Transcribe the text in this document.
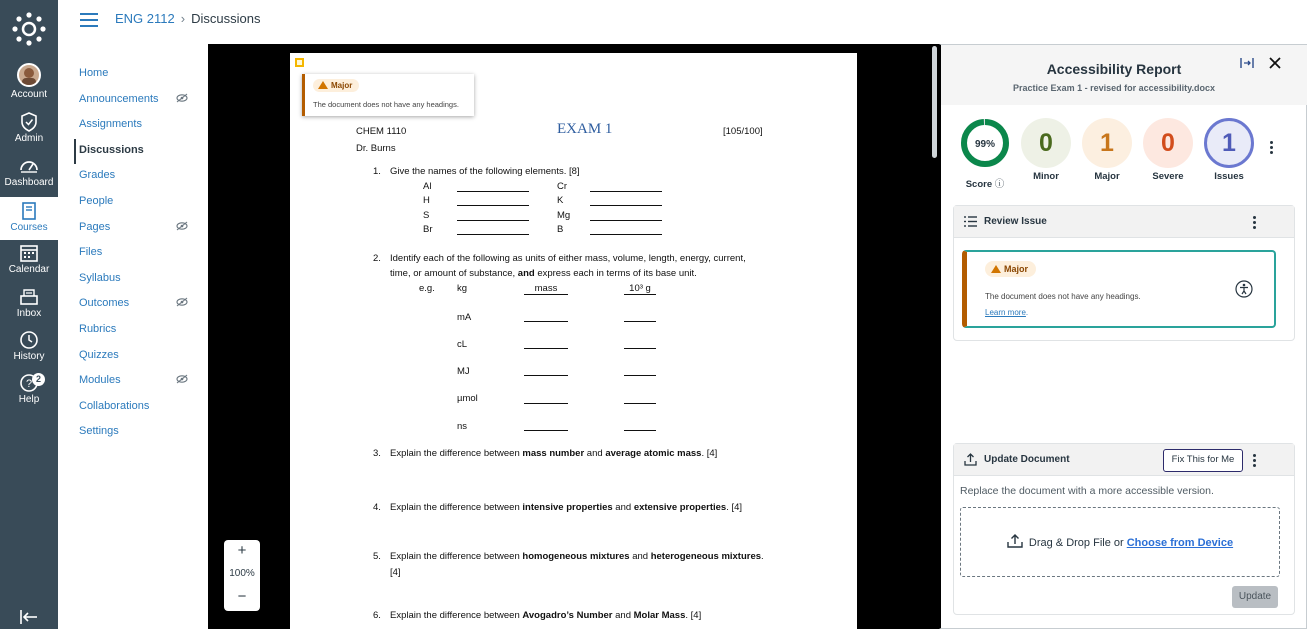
Account
Admin
Dashboard
Courses
Calendar
Inbox
History
? 2
Help
ENG 2112 › Discussions
Home
Announcements
Assignments
Discussions
Grades
People
Pages
Files
Syllabus
Outcomes
Rubrics
Quizzes
Modules
Collaborations
Settings
Major
The document does not have any headings.
CHEM 1110	EXAM 1	[105/100]
Dr. Burns
1. Give the names of the following elements. [8]
Al	Cr
H	K
S	Mg
Br	B
2. Identify each of the following as units of either mass, volume, length, energy, current,
time, or amount of substance, and express each in terms of its base unit.
e.g. kg	mass	10³ g
mA
cL
MJ
µmol
ns
3. Explain the difference between mass number and average atomic mass. [4]
4. Explain the difference between intensive properties and extensive properties. [4]
5. Explain the difference between homogeneous mixtures and heterogeneous mixtures.
[4]
6. Explain the difference between Avogadro’s Number and Molar Mass. [4]
+
100%
−
Accessibility Report
Practice Exam 1 - revised for accessibility.docx
99%
Score ⓘ
0
Minor
1
Major
0
Severe
1
Issues
Review Issue
Major
The document does not have any headings.
Learn more.
Update Document	Fix This for Me
Replace the document with a more accessible version.
Drag & Drop File or Choose from Device
Update
